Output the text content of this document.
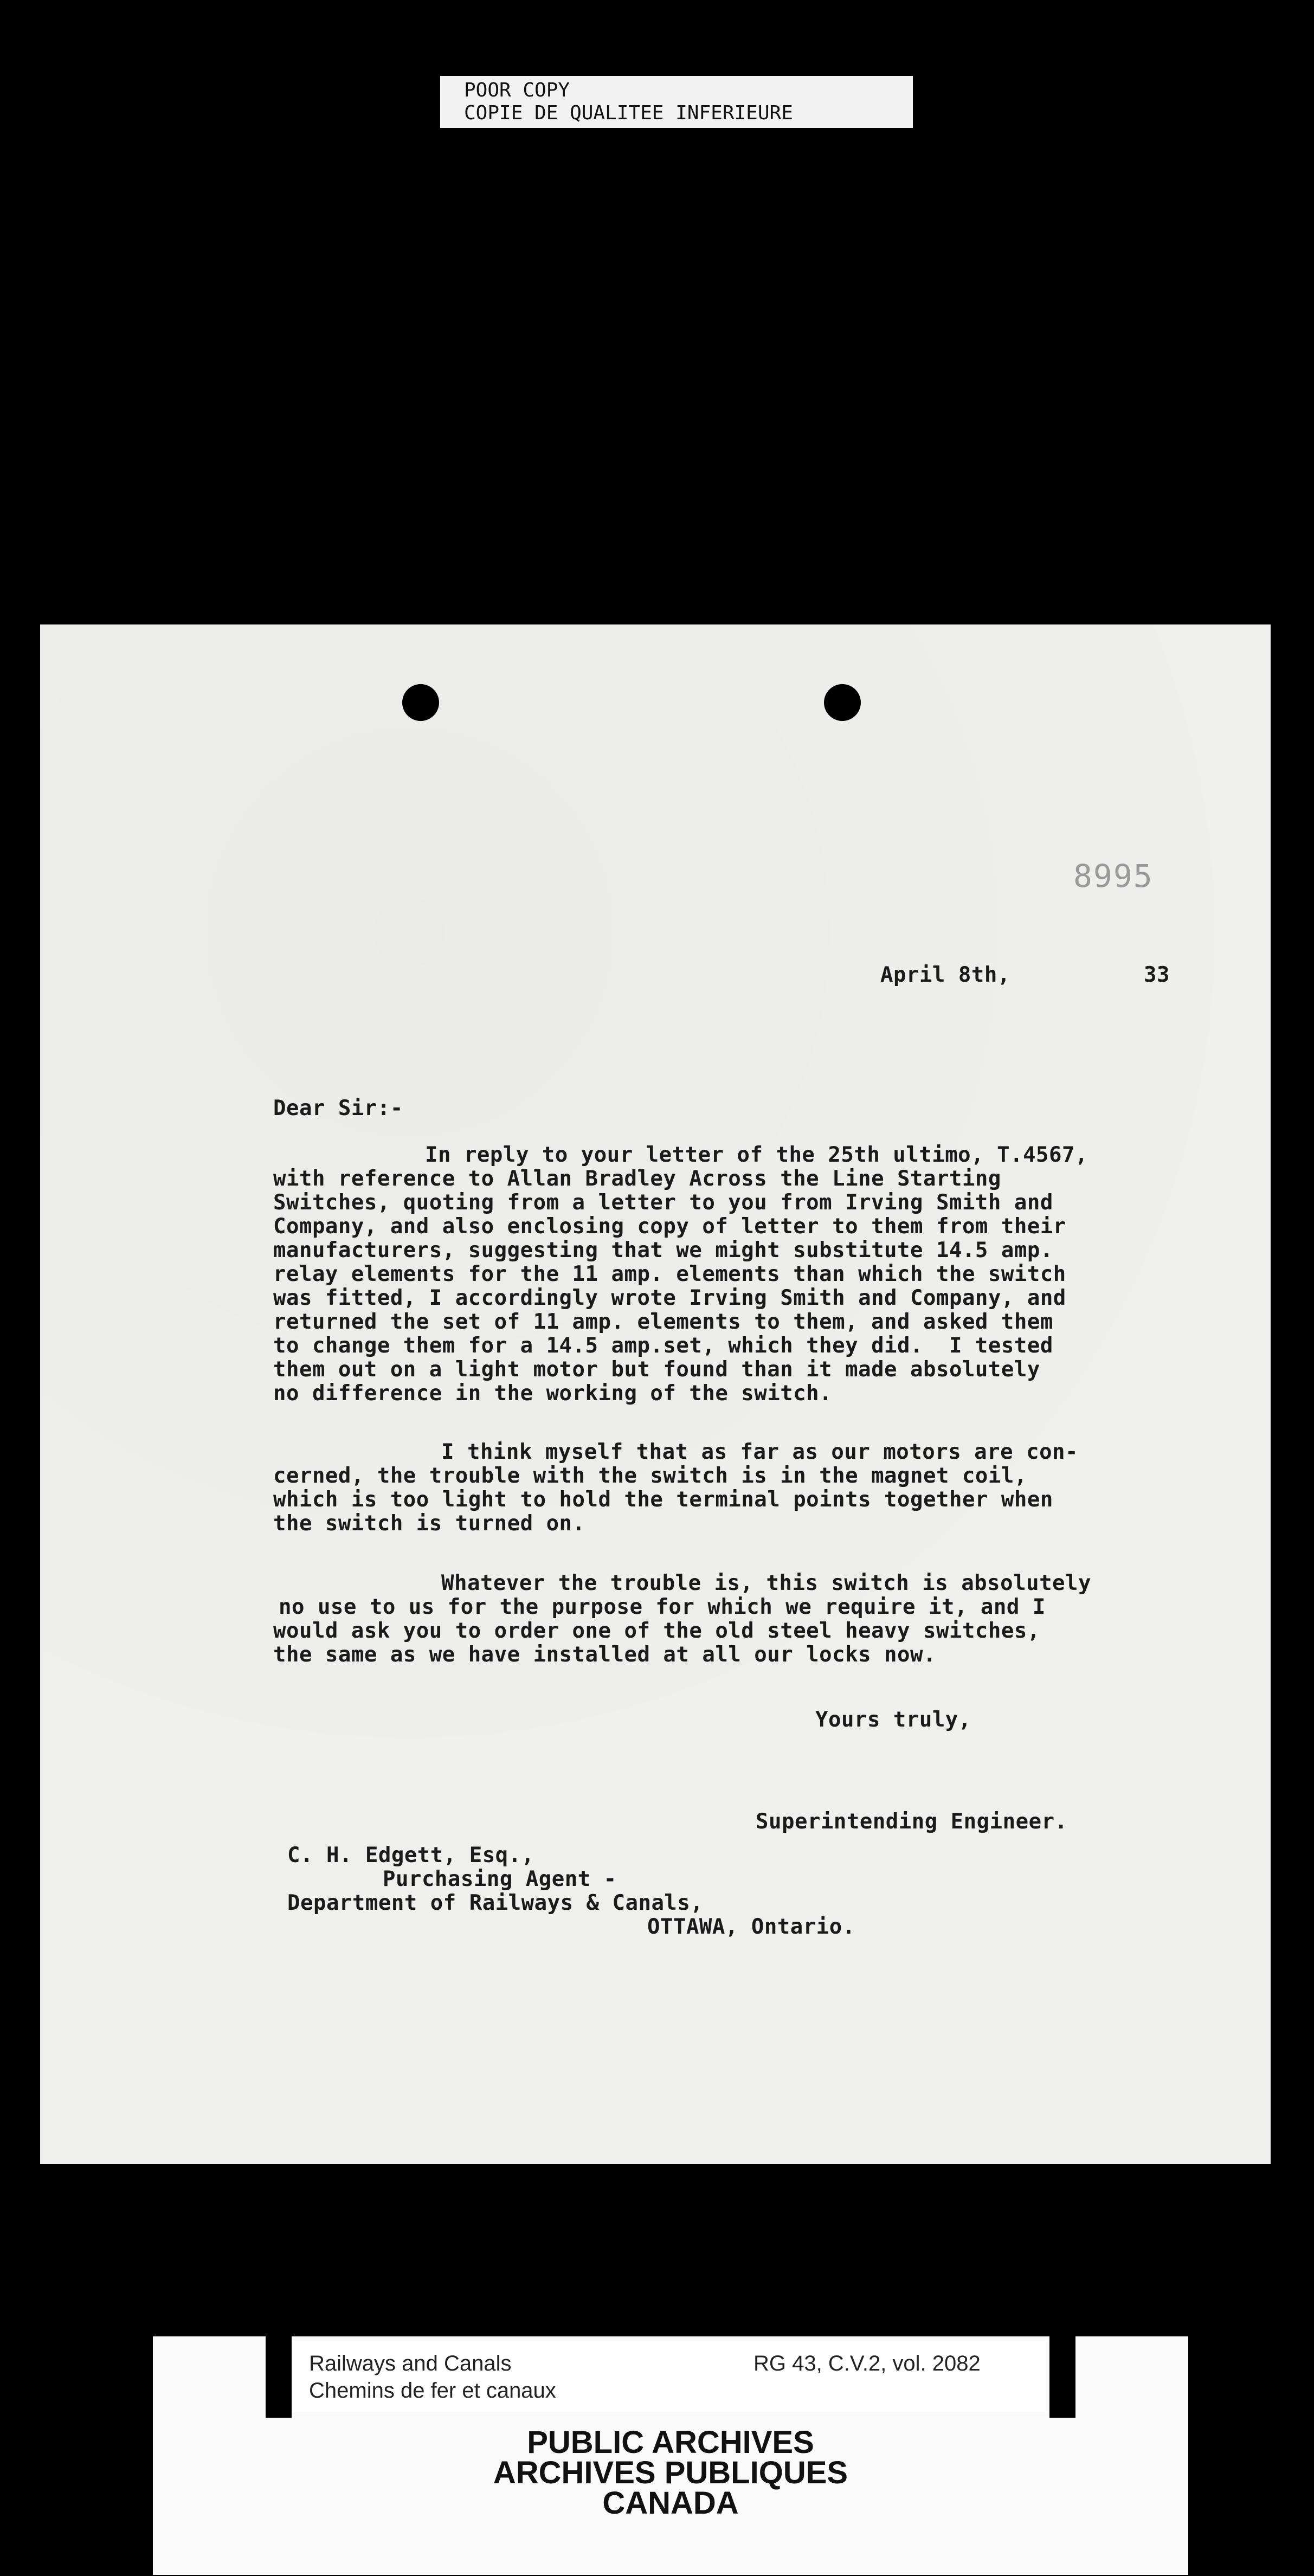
POOR COPY
COPIE DE QUALITEE INFERIEURE
8995
April 8th,	33
Dear Sir:-
In reply to your letter of the 25th ultimo, T.4567,
with reference to Allan Bradley Across the Line Starting
Switches, quoting from a letter to you from Irving Smith and
Company, and also enclosing copy of letter to them from their
manufacturers, suggesting that we might substitute 14.5 amp.
relay elements for the 11 amp. elements than which the switch
was fitted, I accordingly wrote Irving Smith and Company, and
returned the set of 11 amp. elements to them, and asked them
to change them for a 14.5 amp.set, which they did.  I tested
them out on a light motor but found than it made absolutely
no difference in the working of the switch.
I think myself that as far as our motors are con-
cerned, the trouble with the switch is in the magnet coil,
which is too light to hold the terminal points together when
the switch is turned on.
Whatever the trouble is, this switch is absolutely
no use to us for the purpose for which we require it, and I
would ask you to order one of the old steel heavy switches,
the same as we have installed at all our locks now.
Yours truly,
Superintending Engineer.
C. H. Edgett, Esq.,
Purchasing Agent -
Department of Railways & Canals,
OTTAWA, Ontario.
Railways and Canals
Chemins de fer et canaux
RG 43, C.V.2, vol. 2082
PUBLIC ARCHIVES
ARCHIVES PUBLIQUES
CANADA
